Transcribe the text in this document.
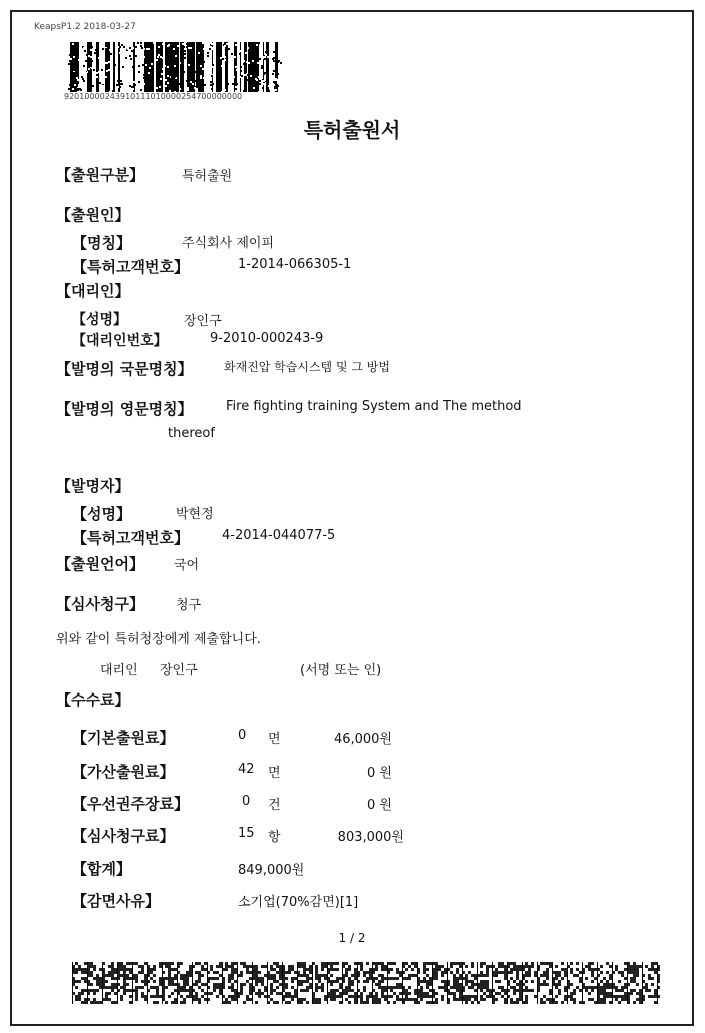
KeapsP1.2 2018-03-27
92010000243910111010000254700000000
특허출원서
【출원구분】	특허출원
【출원인】
【명칭】	주식회사 제이피
【특허고객번호】	1-2014-066305-1
【대리인】
【성명】	장인구
【대리인번호】	9-2010-000243-9
【발명의 국문명칭】	화재진압 학습시스템 및 그 방법
【발명의 영문명칭】	Fire fighting training System and The method
thereof
【발명자】
【성명】	박현정
【특허고객번호】	4-2014-044077-5
【출원언어】 국어
【심사청구】 청구
위와 같이 특허청장에게 제출합니다.
대리인 장인구	(서명 또는 인)
【수수료】
【기본출원료】	0 면	46,000원
【가산출원료】	42 면	0 원
【우선권주장료】	0 건	0 원
【심사청구료】	15 항	803,000원
【합계】	849,000원
【감면사유】	소기업(70%감면)[1]
1 / 2
